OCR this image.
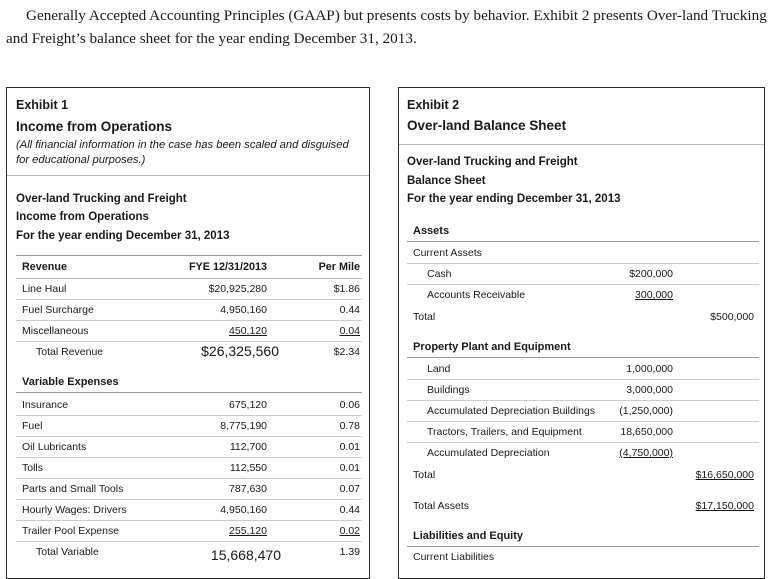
Generally Accepted Accounting Principles (GAAP) but presents costs by behavior. Exhibit 2 presents Over-land Trucking
and Freight’s balance sheet for the year ending December 31, 2013.
Exhibit 1
Income from Operations
(All financial information in the case has been scaled and disguised for educational purposes.)
Over-land Trucking and Freight
Income from Operations
For the year ending December 31, 2013
Revenue	FYE 12/31/2013	Per Mile
Line Haul	$20,925,280	$1.86
Fuel Surcharge	4,950,160	0.44
Miscellaneous	450,120	0.04
Total Revenue	$26,325,560	$2.34
Variable Expenses
Insurance	675,120	0.06
Fuel	8,775,190	0.78
Oil Lubricants	112,700	0.01
Tolls	112,550	0.01
Parts and Small Tools	787,630	0.07
Hourly Wages: Drivers	4,950,160	0.44
Trailer Pool Expense	255,120	0.02
Total Variable	15,668,470	1.39
Exhibit 2
Over-land Balance Sheet
Over-land Trucking and Freight
Balance Sheet
For the year ending December 31, 2013
Assets
Current Assets
Cash	$200,000
Accounts Receivable	300,000
Total	$500,000
Property Plant and Equipment
Land	1,000,000
Buildings	3,000,000
Accumulated Depreciation Buildings	(1,250,000)
Tractors, Trailers, and Equipment	18,650,000
Accumulated Depreciation	(4,750,000)
Total	$16,650,000
Total Assets	$17,150,000
Liabilities and Equity
Current Liabilities
